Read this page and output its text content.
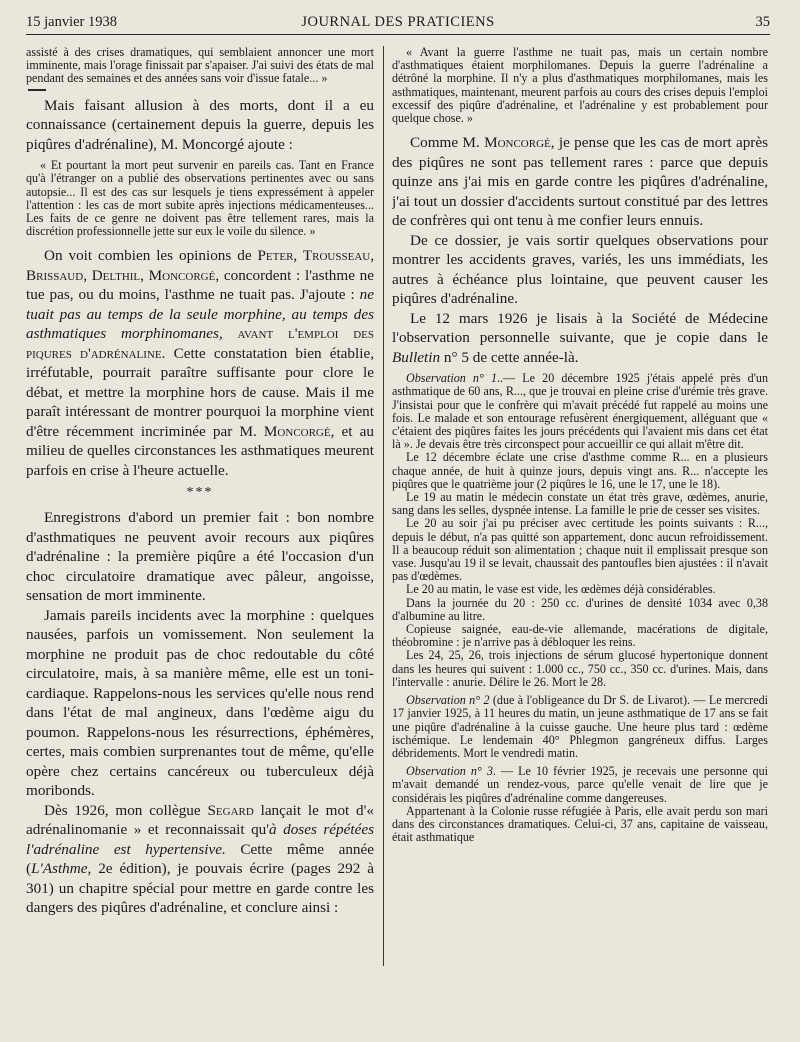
15 janvier 1938	JOURNAL DES PRATICIENS	35

assisté à des crises dramatiques, qui semblaient annoncer une mort imminente, mais l'orage finissait par s'apaiser. J'ai suivi des états de mal pendant des semaines et des années sans voir d'issue fatale... »

Mais faisant allusion à des morts, dont il a eu connaissance (certainement depuis la guerre, depuis les piqûres d'adrénaline), M. Moncorgé ajoute :

« Et pourtant la mort peut survenir en pareils cas. Tant en France qu'à l'étranger on a publié des observations pertinentes avec ou sans autopsie... Il est des cas sur lesquels je tiens expressément à appeler l'attention : les cas de mort subite après injections médicamenteuses... Les faits de ce genre ne doivent pas être tellement rares, mais la discrétion professionnelle jette sur eux le voile du silence. »

On voit combien les opinions de Peter, Trousseau, Brissaud, Delthil, Moncorgé, concordent : l'asthme ne tue pas, ou du moins, l'asthme ne tuait pas. J'ajoute : ne tuait pas au temps de la seule morphine, au temps des asthmatiques morphinomanes, avant l'emploi des piqures d'adrénaline. Cette constatation bien établie, irréfutable, pourrait paraître suffisante pour clore le débat, et mettre la morphine hors de cause. Mais il me paraît intéressant de montrer pourquoi la morphine vient d'être récemment incriminée par M. Moncorgé, et au milieu de quelles circonstances les asthmatiques meurent parfois en crise à l'heure actuelle.

***

Enregistrons d'abord un premier fait : bon nombre d'asthmatiques ne peuvent avoir recours aux piqûres d'adrénaline : la première piqûre a été l'occasion d'un choc circulatoire dramatique avec pâleur, angoisse, sensation de mort imminente.

Jamais pareils incidents avec la morphine : quelques nausées, parfois un vomissement. Non seulement la morphine ne produit pas de choc redoutable du côté circulatoire, mais, à sa manière même, elle est un toni-cardiaque. Rappelons-nous les services qu'elle nous rend dans l'état de mal angineux, dans l'œdème aigu du poumon. Rappelons-nous les résurrections, éphémères, certes, mais combien surprenantes tout de même, qu'elle opère chez certains cancéreux ou tuberculeux déjà moribonds.

Dès 1926, mon collègue Segard lançait le mot d'« adrénalinomanie » et reconnaissait qu'à doses répétées l'adrénaline est hypertensive. Cette même année (L'Asthme, 2e édition), je pouvais écrire (pages 292 à 301) un chapitre spécial pour mettre en garde contre les dangers des piqûres d'adrénaline, et conclure ainsi :

« Avant la guerre l'asthme ne tuait pas, mais un certain nombre d'asthmatiques étaient morphilomanes. Depuis la guerre l'adrénaline a détrôné la morphine. Il n'y a plus d'asthmatiques morphilomanes, mais les asthmatiques, maintenant, meurent parfois au cours des crises depuis l'emploi excessif des piqûre d'adrénaline, et l'adrénaline y est probablement pour quelque chose. »

Comme M. Moncorgé, je pense que les cas de mort après des piqûres ne sont pas tellement rares : parce que depuis quinze ans j'ai mis en garde contre les piqûres d'adrénaline, j'ai tout un dossier d'accidents surtout constitué par des lettres de confrères qui ont tenu à me confier leurs ennuis.

De ce dossier, je vais sortir quelques observations pour montrer les accidents graves, variés, les uns immédiats, les autres à échéance plus lointaine, que peuvent causer les piqûres d'adrénaline.

Le 12 mars 1926 je lisais à la Société de Médecine l'observation personnelle suivante, que je copie dans le Bulletin n° 5 de cette année-là.

Observation n° 1..— Le 20 décembre 1925 j'étais appelé près d'un asthmatique de 60 ans, R..., que je trouvai en pleine crise d'urémie très grave. J'insistai pour que le confrère qui m'avait précédé fut rappelé au moins une fois. Le malade et son entourage refusèrent énergiquement, alléguant que « c'étaient des piqûres faites les jours précédents qui l'avaient mis dans cet état là ». Je devais être très circonspect pour accueillir ce qui allait m'être dit.

Le 12 décembre éclate une crise d'asthme comme R... en a plusieurs chaque année, de huit à quinze jours, depuis vingt ans. R... n'accepte les piqûres que le quatrième jour (2 piqûres le 16, une le 17, une le 18).

Le 19 au matin le médecin constate un état très grave, œdèmes, anurie, sang dans les selles, dyspnée intense. La famille le prie de cesser ses visites.

Le 20 au soir j'ai pu préciser avec certitude les points suivants : R..., depuis le début, n'a pas quitté son appartement, donc aucun refroidissement. Il a beaucoup réduit son alimentation ; chaque nuit il emplissait presque son vase. Jusqu'au 19 il se levait, chaussait des pantoufles bien ajustées : il n'avait pas d'œdèmes.

Le 20 au matin, le vase est vide, les œdèmes déjà considérables.

Dans la journée du 20 : 250 cc. d'urines de densité 1034 avec 0,38 d'albumine au litre.

Copieuse saignée, eau-de-vie allemande, macérations de digitale, théobromine : je n'arrive pas à débloquer les reins.

Les 24, 25, 26, trois injections de sérum glucosé hypertonique donnent dans les heures qui suivent : 1.000 cc., 750 cc., 350 cc. d'urines. Mais, dans l'intervalle : anurie. Délire le 26. Mort le 28.

Observation n° 2 (due à l'obligeance du Dr S. de Livarot). — Le mercredi 17 janvier 1925, à 11 heures du matin, un jeune asthmatique de 17 ans se fait une piqûre d'adrénaline à la cuisse gauche. Une heure plus tard : œdème ischémique. Le lendemain 40° Phlegmon gangréneux diffus. Larges débridements. Mort le vendredi matin.

Observation n° 3. — Le 10 février 1925, je recevais une personne qui m'avait demandé un rendez-vous, parce qu'elle venait de lire que je considérais les piqûres d'adrénaline comme dangereuses.

Appartenant à la Colonie russe réfugiée à Paris, elle avait perdu son mari dans des circonstances dramatiques. Celui-ci, 37 ans, capitaine de vaisseau, était asthmatique
